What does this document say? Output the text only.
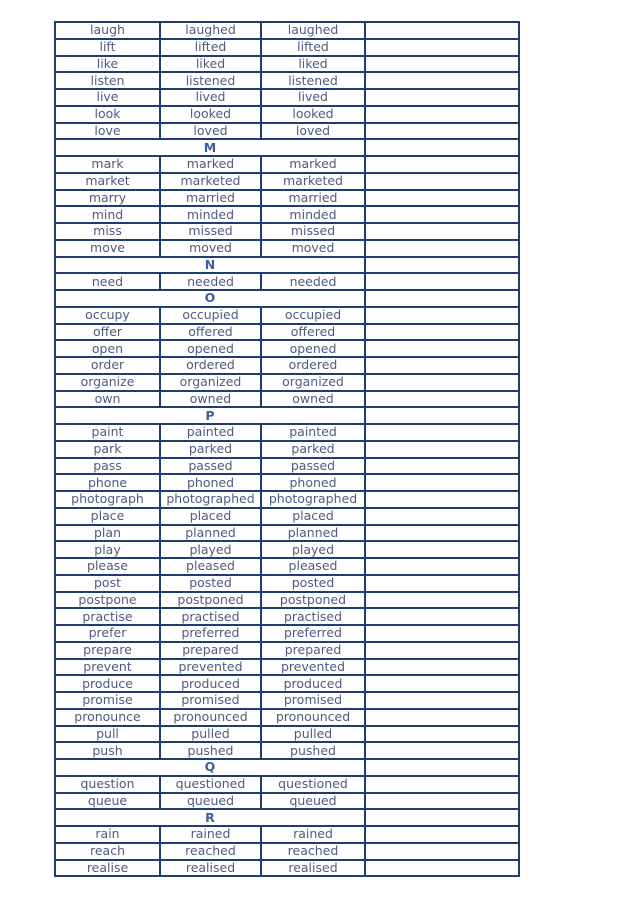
laugh	laughed	laughed	
lift	lifted	lifted	
like	liked	liked	
listen	listened	listened	
live	lived	lived	
look	looked	looked	
love	loved	loved	
M			
mark	marked	marked	
market	marketed	marketed	
marry	married	married	
mind	minded	minded	
miss	missed	missed	
move	moved	moved	
N			
need	needed	needed	
O			
occupy	occupied	occupied	
offer	offered	offered	
open	opened	opened	
order	ordered	ordered	
organize	organized	organized	
own	owned	owned	
P			
paint	painted	painted	
park	parked	parked	
pass	passed	passed	
phone	phoned	phoned	
photograph	photographed	photographed	
place	placed	placed	
plan	planned	planned	
play	played	played	
please	pleased	pleased	
post	posted	posted	
postpone	postponed	postponed	
practise	practised	practised	
prefer	preferred	preferred	
prepare	prepared	prepared	
prevent	prevented	prevented	
produce	produced	produced	
promise	promised	promised	
pronounce	pronounced	pronounced	
pull	pulled	pulled	
push	pushed	pushed	
Q			
question	questioned	questioned	
queue	queued	queued	
R			
rain	rained	rained	
reach	reached	reached	
realise	realised	realised	
